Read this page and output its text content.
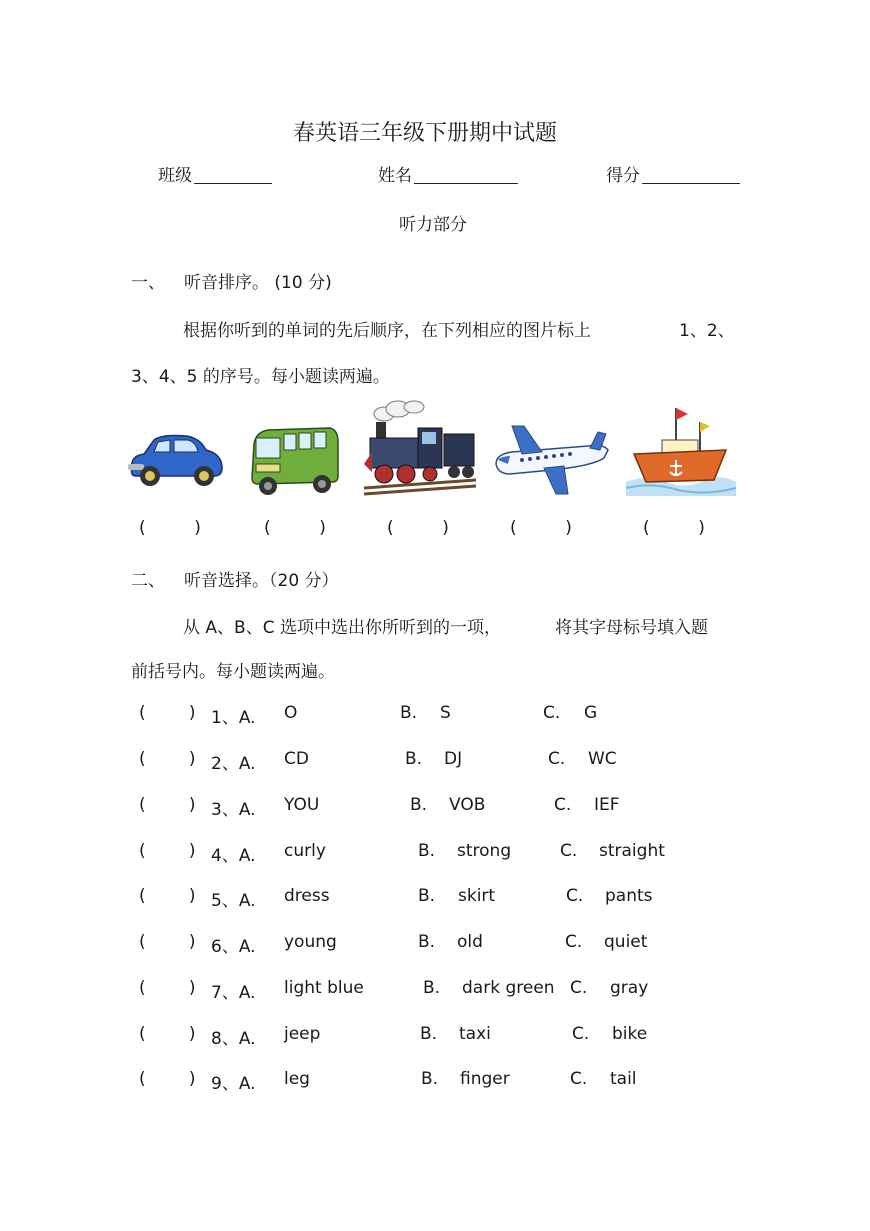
春英语三年级下册期中试题
班级	姓名	得分
听力部分
一、 听音排序。 (10 分)
根据你听到的单词的先后顺序，在下列相应的图片标上	1、2、
3、4、5 的序号。每小题读两遍。
(         )	(         )	(         )	(         )	(         )
二、 听音选择。（20 分）
从 A、B、C 选项中选出你所听到的一项，	将其字母标号填入题
前括号内。每小题读两遍。
(        ) 1、A. O	B. S	C. G
(        ) 2、A. CD	B. DJ	C. WC
(        ) 3、A. YOU	B. VOB	C. IEF
(        ) 4、A. curly	B. strong	C. straight
(        ) 5、A. dress	B. skirt	C. pants
(        ) 6、A. young	B. old	C. quiet
(        ) 7、A. light blue	B. dark green C. gray
(        ) 8、A. jeep	B. taxi	C. bike
(        ) 9、A. leg	B. finger	C. tail
